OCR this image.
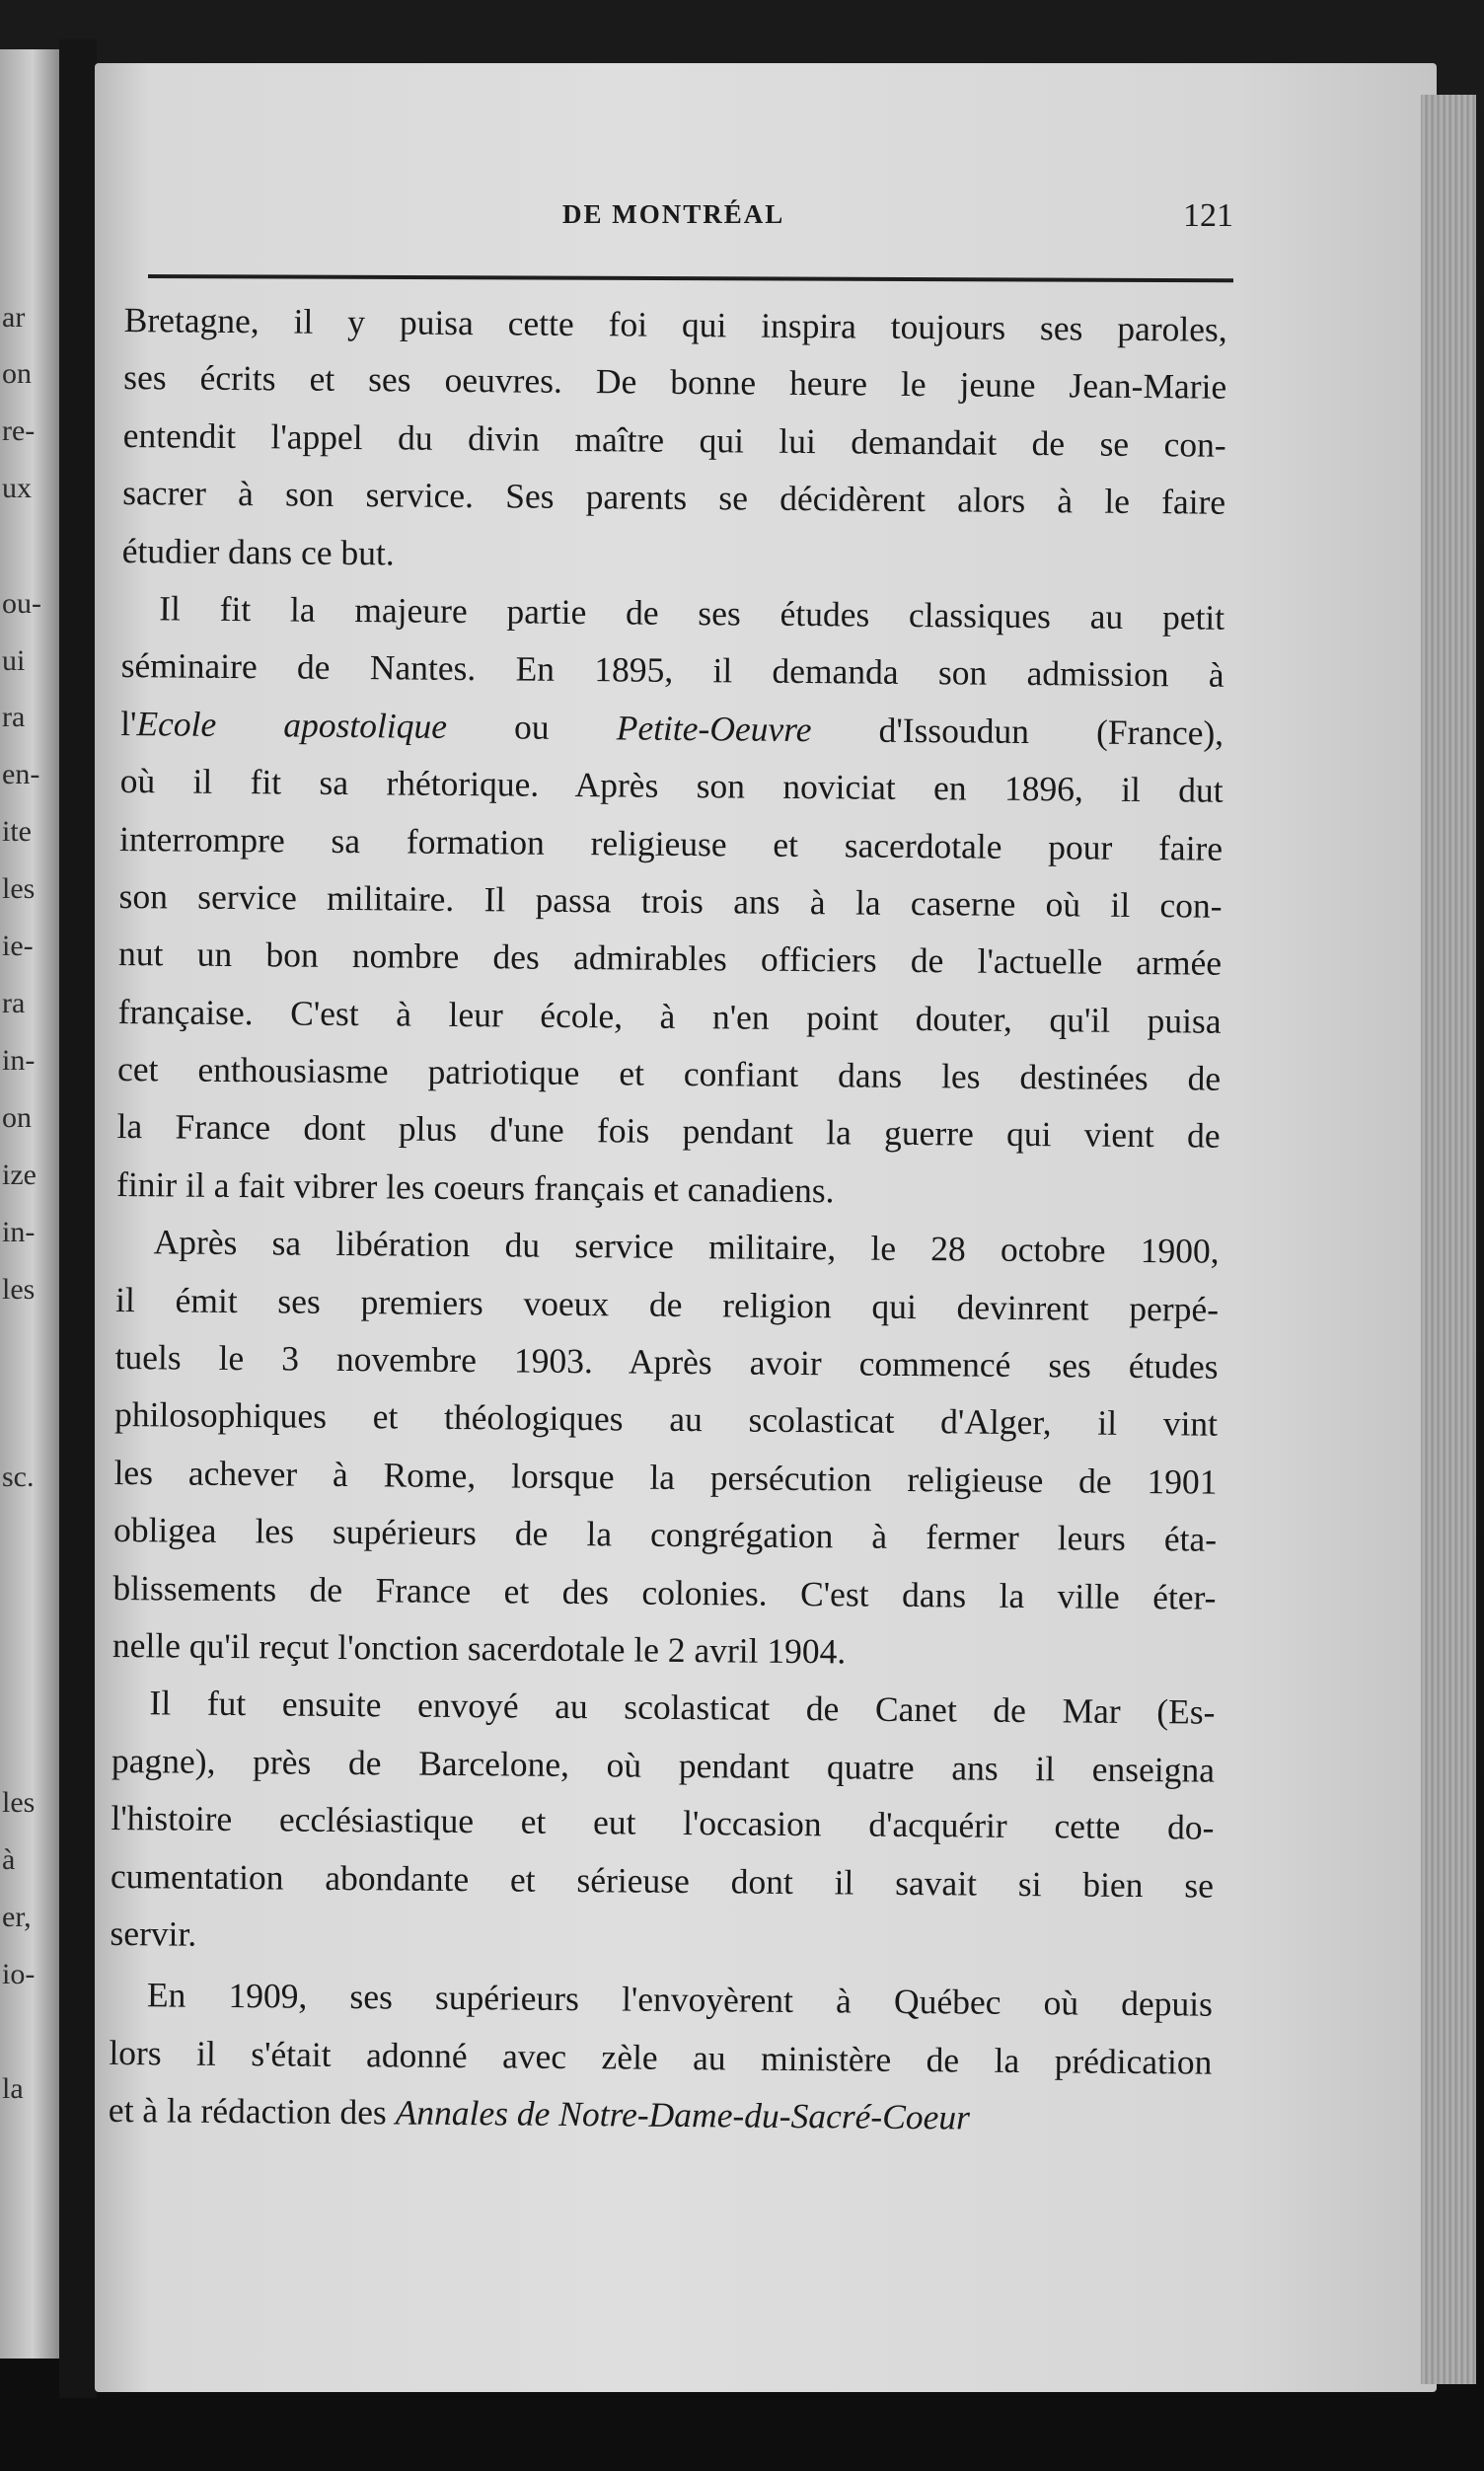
ar
on
re-
ux
ou-
ui
ra
en-
ite
les
ie-
ra
in-
on
ize
in-
les
sc.
les
à
er,
io-
la
DE MONTRÉAL	121
Bretagne, il y puisa cette foi qui inspira toujours ses paroles,
ses écrits et ses oeuvres. De bonne heure le jeune Jean-Marie
entendit l'appel du divin maître qui lui demandait de se con-
sacrer à son service. Ses parents se décidèrent alors à le faire
étudier dans ce but.
Il fit la majeure partie de ses études classiques au petit
séminaire de Nantes. En 1895, il demanda son admission à
l'Ecole apostolique ou Petite-Oeuvre d'Issoudun (France),
où il fit sa rhétorique. Après son noviciat en 1896, il dut
interrompre sa formation religieuse et sacerdotale pour faire
son service militaire. Il passa trois ans à la caserne où il con-
nut un bon nombre des admirables officiers de l'actuelle armée
française. C'est à leur école, à n'en point douter, qu'il puisa
cet enthousiasme patriotique et confiant dans les destinées de
la France dont plus d'une fois pendant la guerre qui vient de
finir il a fait vibrer les coeurs français et canadiens.
Après sa libération du service militaire, le 28 octobre 1900,
il émit ses premiers voeux de religion qui devinrent perpé-
tuels le 3 novembre 1903. Après avoir commencé ses études
philosophiques et théologiques au scolasticat d'Alger, il vint
les achever à Rome, lorsque la persécution religieuse de 1901
obligea les supérieurs de la congrégation à fermer leurs éta-
blissements de France et des colonies. C'est dans la ville éter-
nelle qu'il reçut l'onction sacerdotale le 2 avril 1904.
Il fut ensuite envoyé au scolasticat de Canet de Mar (Es-
pagne), près de Barcelone, où pendant quatre ans il enseigna
l'histoire ecclésiastique et eut l'occasion d'acquérir cette do-
cumentation abondante et sérieuse dont il savait si bien se
servir.
En 1909, ses supérieurs l'envoyèrent à Québec où depuis
lors il s'était adonné avec zèle au ministère de la prédication
et à la rédaction des Annales de Notre-Dame-du-Sacré-Coeur
